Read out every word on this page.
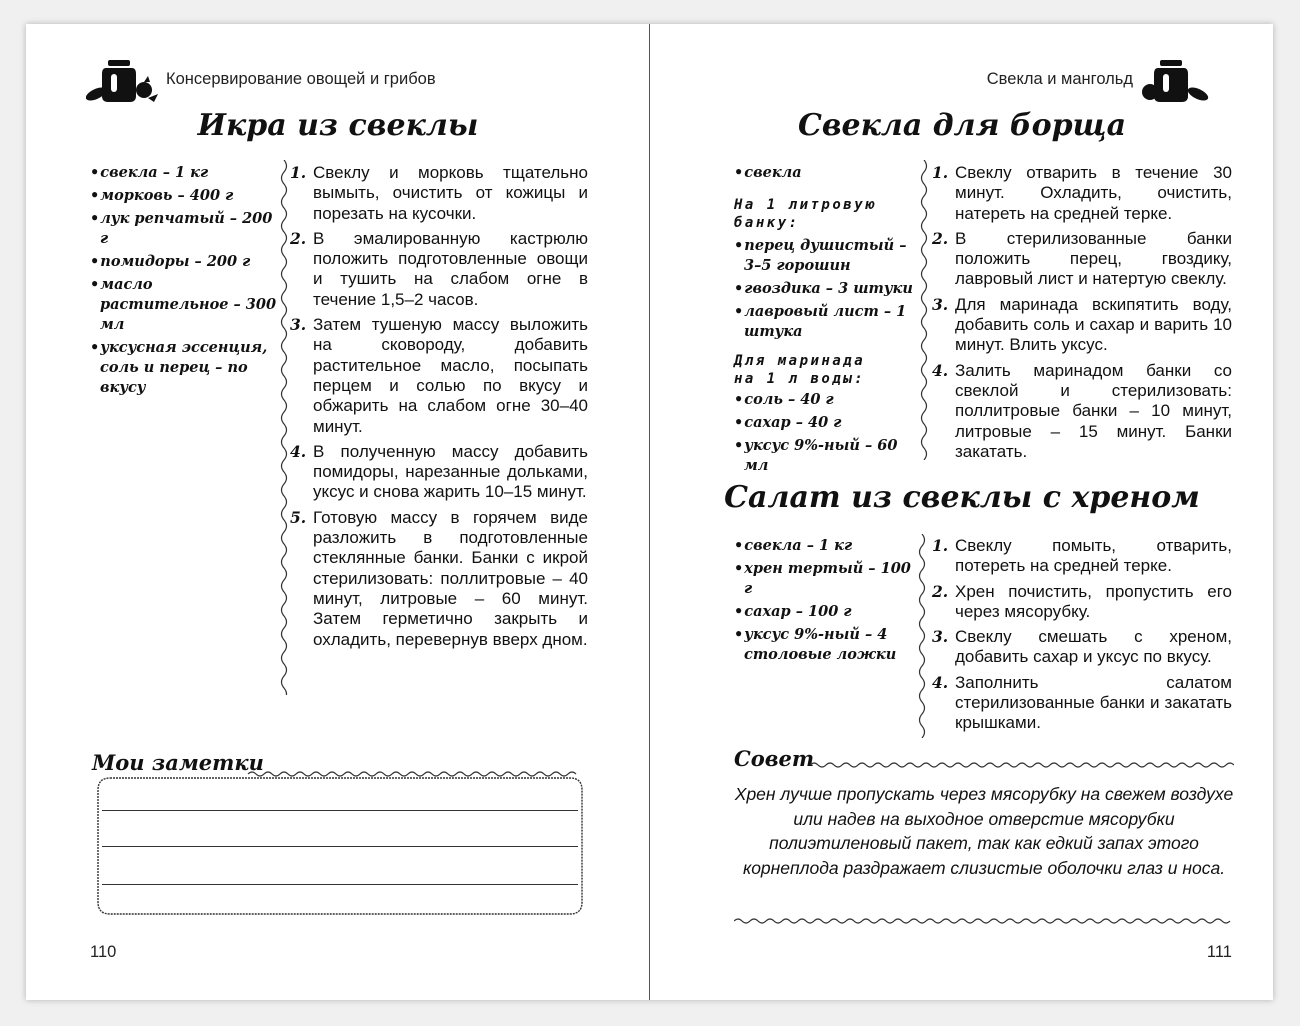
Консервирование овощей и грибов
Икра из свеклы
• свекла – 1 кг
• морковь – 400 г
• лук репчатый – 200 г
• помидоры – 200 г
• масло растительное – 300 мл
• уксусная эссенция, соль и перец – по вкусу
1. Свеклу и морковь тщательно вымыть, очистить от кожицы и порезать на кусочки.
2. В эмалированную кастрюлю положить подготовленные овощи и тушить на слабом огне в течение 1,5–2 часов.
3. Затем тушеную массу выложить на сковороду, добавить растительное масло, посыпать перцем и солью по вкусу и обжарить на слабом огне 30–40 минут.
4. В полученную массу добавить помидоры, нарезанные дольками, уксус и снова жарить 10–15 минут.
5. Готовую массу в горячем виде разложить в подготовленные стеклянные банки. Банки с икрой стерилизовать: поллитровые – 40 минут, литровые – 60 минут. Затем герметично закрыть и охладить, перевернув вверх дном.
Мои заметки
110
Свекла и мангольд
Свекла для борща
• свекла
На 1 литровую банку:
• перец душистый – 3–5 горошин
• гвоздика – 3 штуки
• лавровый лист – 1 штука
Для маринада на 1 л воды:
• соль – 40 г
• сахар – 40 г
• уксус 9%-ный – 60 мл
1. Свеклу отварить в течение 30 минут. Охладить, очистить, натереть на средней терке.
2. В стерилизованные банки положить перец, гвоздику, лавровый лист и натертую свеклу.
3. Для маринада вскипятить воду, добавить соль и сахар и варить 10 минут. Влить уксус.
4. Залить маринадом банки со свеклой и стерилизовать: поллитровые банки – 10 минут, литровые – 15 минут. Банки закатать.
Салат из свеклы с хреном
• свекла – 1 кг
• хрен тертый – 100 г
• сахар – 100 г
• уксус 9%-ный – 4 столовые ложки
1. Свеклу помыть, отварить, потереть на средней терке.
2. Хрен почистить, пропустить его через мясорубку.
3. Свеклу смешать с хреном, добавить сахар и уксус по вкусу.
4. Заполнить салатом стерилизованные банки и закатать крышками.
Совет
Хрен лучше пропускать через мясорубку на свежем воздухе или надев на выходное отверстие мясорубки полиэтиленовый пакет, так как едкий запах этого корнеплода раздражает слизистые оболочки глаз и носа.
111
